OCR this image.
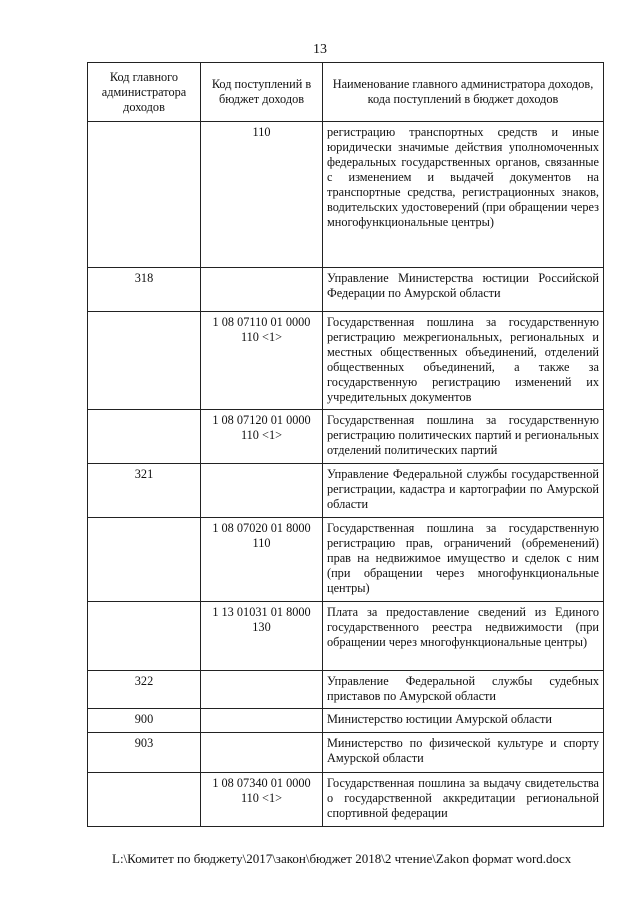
13
Код главного администратора доходов	Код поступлений в бюджет доходов	Наименование главного администратора доходов, кода поступлений в бюджет доходов
	110	регистрацию транспортных средств и иные юридически значимые действия уполномоченных федеральных государственных органов, связанные с изменением и выдачей документов на транспортные средства, регистрационных знаков, водительских удостоверений (при обращении через многофункциональные центры)
318		Управление Министерства юстиции Российской Федерации по Амурской области
	1 08 07110 01 0000 110 <1>	Государственная пошлина за государственную регистрацию межрегиональных, региональных и местных общественных объединений, отделений общественных объединений, а также за государственную регистрацию изменений их учредительных документов
	1 08 07120 01 0000 110 <1>	Государственная пошлина за государственную регистрацию политических партий и региональных отделений политических партий
321		Управление Федеральной службы государственной регистрации, кадастра и картографии по Амурской области
	1 08 07020 01 8000 110	Государственная пошлина за государственную регистрацию прав, ограничений (обременений) прав на недвижимое имущество и сделок с ним (при обращении через многофункциональные центры)
	1 13 01031 01 8000 130	Плата за предоставление сведений из Единого государственного реестра недвижимости (при обращении через многофункциональные центры)
322		Управление Федеральной службы судебных приставов по Амурской области
900		Министерство юстиции Амурской области
903		Министерство по физической культуре и спорту Амурской области
	1 08 07340 01 0000 110 <1>	Государственная пошлина за выдачу свидетельства о государственной аккредитации региональной спортивной федерации
L:\Комитет по бюджету\2017\закон\бюджет 2018\2 чтение\Zakon формат word.docx
